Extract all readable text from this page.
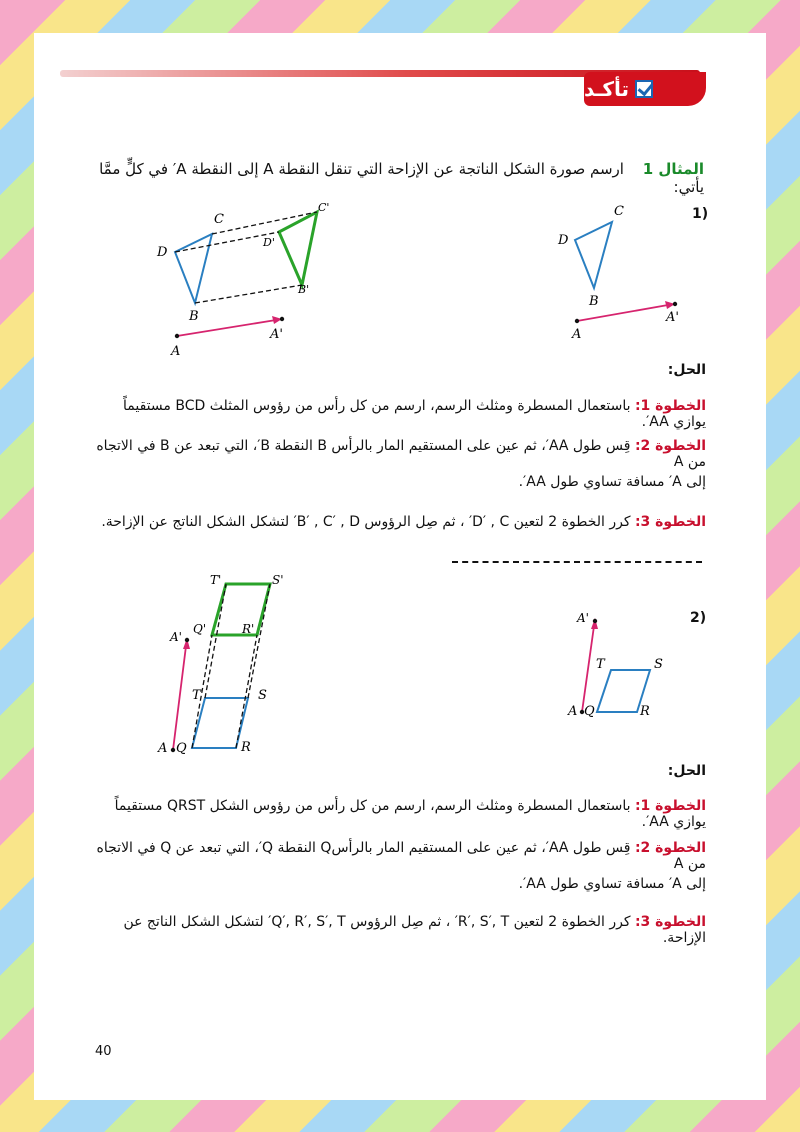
تأكـد
المثال 1 ارسم صورة الشكل الناتجة عن الإزاحة التي تنقل النقطة A إلى النقطة A′ في كلٍّ ممَّا يأتي:
1)
C
D
B
A
C'
D'
B'
A'
C
D
B
A
A'
الحل:
الخطوة 1: باستعمال المسطرة ومثلث الرسم، ارسم من كل رأس من رؤوس المثلث BCD مستقيماً يوازي AA′.
الخطوة 2: قِس طول AA′، ثم عين على المستقيم المار بالرأس B النقطة B′، التي تبعد عن B في الاتجاه من A
إلى A′ مسافة تساوي طول AA′.
الخطوة 3: كرر الخطوة 2 لتعين D′ , C′ ، ثم صِل الرؤوس B′ , C′ , D′ لتشكل الشكل الناتج عن الإزاحة.
2)
T'	S'
A'
Q'	R'
T	S
A Q	R
A'
T	S
A Q	R
الحل:
الخطوة 1: باستعمال المسطرة ومثلث الرسم، ارسم من كل رأس من رؤوس الشكل QRST مستقيماً يوازي AA′.
الخطوة 2: قِس طول AA′، ثم عين على المستقيم المار بالرأسQ النقطة Q′، التي تبعد عن Q في الاتجاه من A
إلى A′ مسافة تساوي طول AA′.
الخطوة 3: كرر الخطوة 2 لتعين R′, S′, T′ ، ثم صِل الرؤوس Q′, R′, S′, T′ لتشكل الشكل الناتج عن الإزاحة.
40
